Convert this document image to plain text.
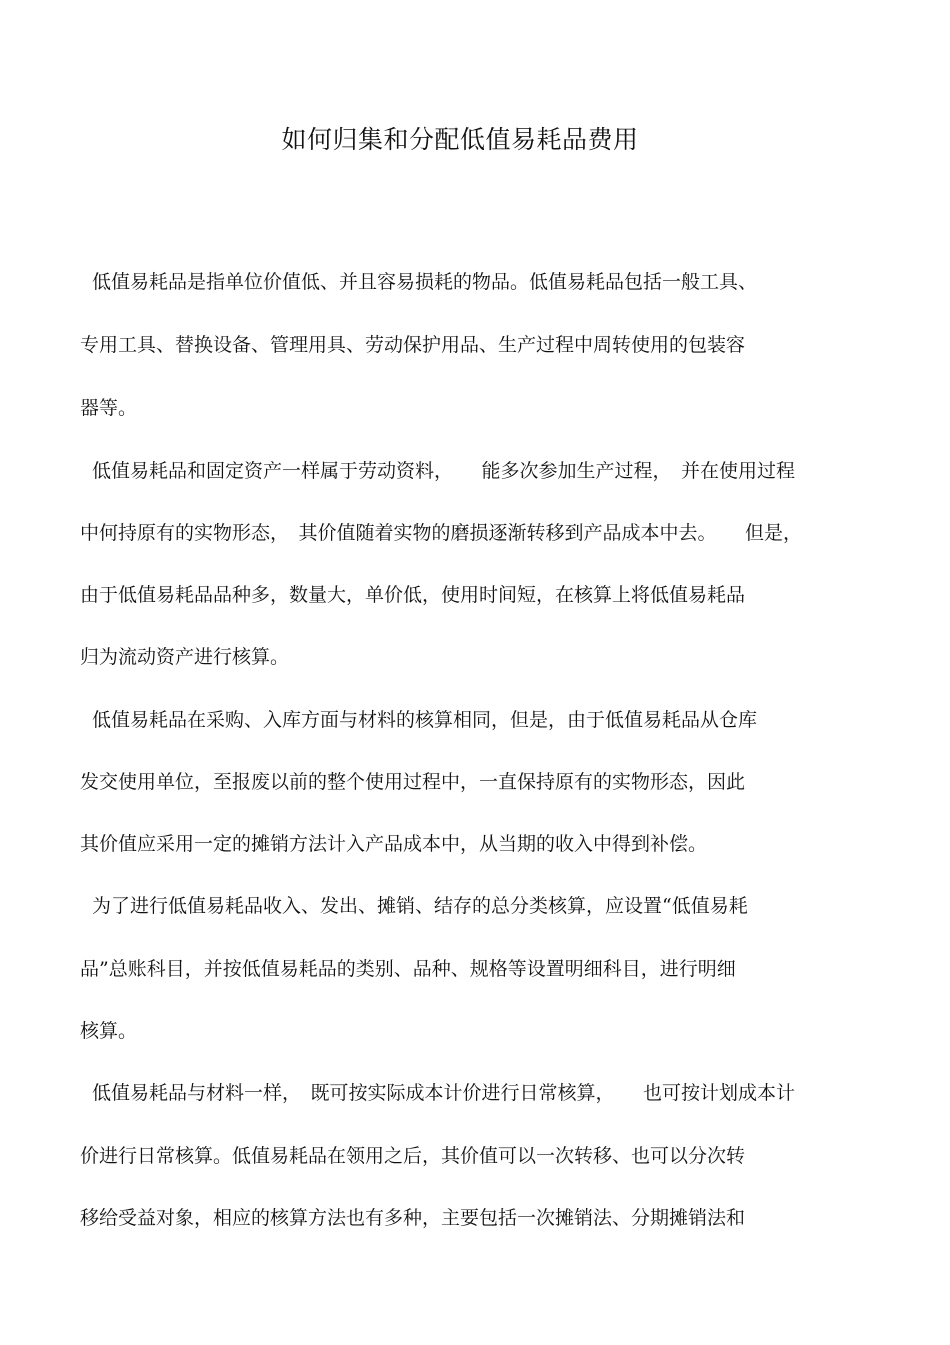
如何归集和分配低值易耗品费用
低值易耗品是指单位价值低、并且容易损耗的物品。低值易耗品包括一般工具、
专用工具、替换设备、管理用具、劳动保护用品、生产过程中周转使用的包装容
器等。
低值易耗品和固定资产一样属于劳动资料，　　能多次参加生产过程，　并在使用过程
中何持原有的实物形态，　其价值随着实物的磨损逐渐转移到产品成本中去。　　但是，
由于低值易耗品品种多，数量大，单价低，使用时间短，在核算上将低值易耗品
归为流动资产进行核算。
低值易耗品在采购、入库方面与材料的核算相同，但是，由于低值易耗品从仓库
发交使用单位，至报废以前的整个使用过程中，一直保持原有的实物形态，因此
其价值应采用一定的摊销方法计入产品成本中，从当期的收入中得到补偿。
为了进行低值易耗品收入、发出、摊销、结存的总分类核算，应设置“低值易耗
品”总账科目，并按低值易耗品的类别、品种、规格等设置明细科目，进行明细
核算。
低值易耗品与材料一样，　既可按实际成本计价进行日常核算，　　也可按计划成本计
价进行日常核算。低值易耗品在领用之后，其价值可以一次转移、也可以分次转
移给受益对象，相应的核算方法也有多种，主要包括一次摊销法、分期摊销法和
